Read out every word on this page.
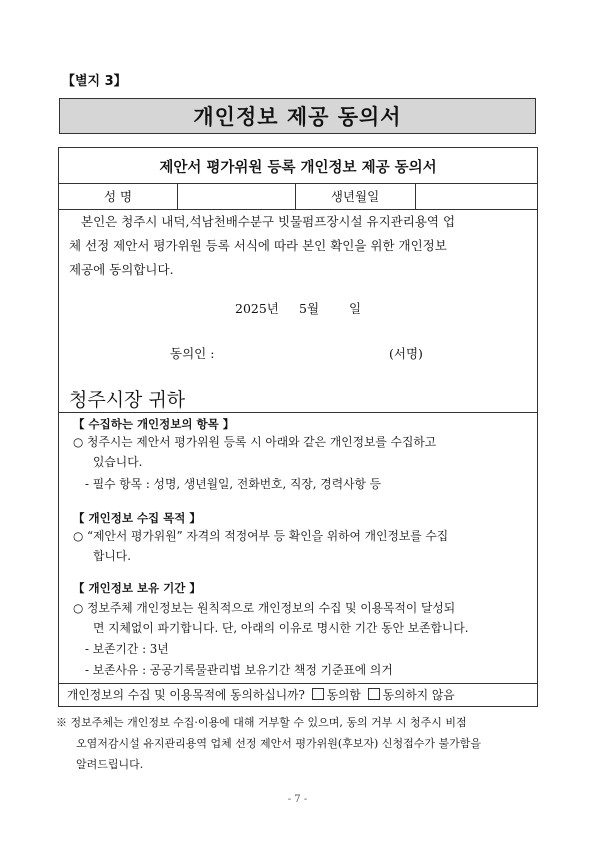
【별지 3】
개인정보 제공 동의서
제안서 평가위원 등록 개인정보 제공 동의서
성 명	생년월일
본인은 청주시 내덕,석남천배수분구 빗물펌프장시설 유지관리용역 업
체 선정 제안서 평가위원 등록 서식에 따라 본인 확인을 위한 개인정보
제공에 동의합니다.
2025년 5월 일
동의인 :	(서명)
청주시장 귀하
【 수집하는 개인정보의 항목 】
○ 청주시는 제안서 평가위원 등록 시 아래와 같은 개인정보를 수집하고
있습니다.
- 필수 항목 : 성명, 생년월일, 전화번호, 직장, 경력사항 등
【 개인정보 수집 목적 】
○ “제안서 평가위원” 자격의 적정여부 등 확인을 위하여 개인정보를 수집
합니다.
【 개인정보 보유 기간 】
○ 정보주체 개인정보는 원칙적으로 개인정보의 수집 및 이용목적이 달성되
면 지체없이 파기합니다. 단, 아래의 이유로 명시한 기간 동안 보존합니다.
- 보존기간 : 3년
- 보존사유 : 공공기록물관리법 보유기간 책정 기준표에 의거
개인정보의 수집 및 이용목적에 동의하십니까? 동의함 동의하지 않음
※ 정보주체는 개인정보 수집·이용에 대해 거부할 수 있으며, 동의 거부 시 청주시 비점
오염저감시설 유지관리용역 업체 선정 제안서 평가위원(후보자) 신청접수가 불가함을
알려드립니다.
- 7 -
